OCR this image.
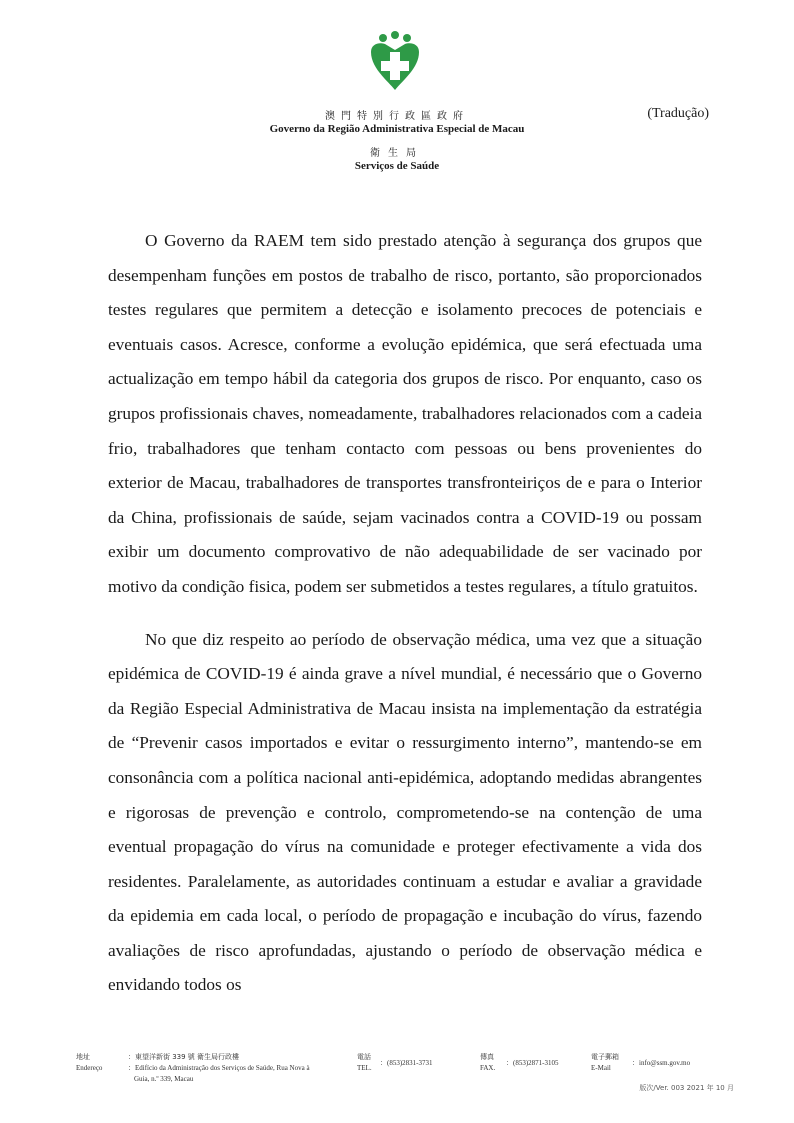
澳門特別行政區政府
Governo da Região Administrativa Especial de Macau
衛生局
Serviços de Saúde
(Tradução)

O Governo da RAEM tem sido prestado atenção à segurança dos grupos que desempenham funções em postos de trabalho de risco, portanto, são proporcionados testes regulares que permitem a detecção e isolamento precoces de potenciais e eventuais casos. Acresce, conforme a evolução epidémica, que será efectuada uma actualização em tempo hábil da categoria dos grupos de risco. Por enquanto, caso os grupos profissionais chaves, nomeadamente, trabalhadores relacionados com a cadeia frio, trabalhadores que tenham contacto com pessoas ou bens provenientes do exterior de Macau, trabalhadores de transportes transfronteiriços de e para o Interior da China, profissionais de saúde, sejam vacinados contra a COVID-19 ou possam exibir um documento comprovativo de não adequabilidade de ser vacinado por motivo da condição fisica, podem ser submetidos a testes regulares, a título gratuitos.

No que diz respeito ao período de observação médica, uma vez que a situação epidémica de COVID-19 é ainda grave a nível mundial, é necessário que o Governo da Região Especial Administrativa de Macau insista na implementação da estratégia de “Prevenir casos importados e evitar o ressurgimento interno”, mantendo-se em consonância com a política nacional anti-epidémica, adoptando medidas abrangentes e rigorosas de prevenção e controlo, comprometendo-se na contenção de uma eventual propagação do vírus na comunidade e proteger efectivamente a vida dos residentes. Paralelamente, as autoridades continuam a estudar e avaliar a gravidade da epidemia em cada local, o período de propagação e incubação do vírus, fazendo avaliações de risco aprofundadas, ajustando o período de observação médica e envidando todos os

地址
Endereço
：東望洋新街 339 號 衛生局行政樓
：Edifício da Administração dos Serviços de Saúde, Rua Nova à
Guia, n.º 339, Macau
電話
TEL.
：(853)2831-3731
傳真
FAX.
：(853)2871-3105
電子郵箱
E-Mail
：info@ssm.gov.mo
版次/Ver. 003 2021 年 10 月
